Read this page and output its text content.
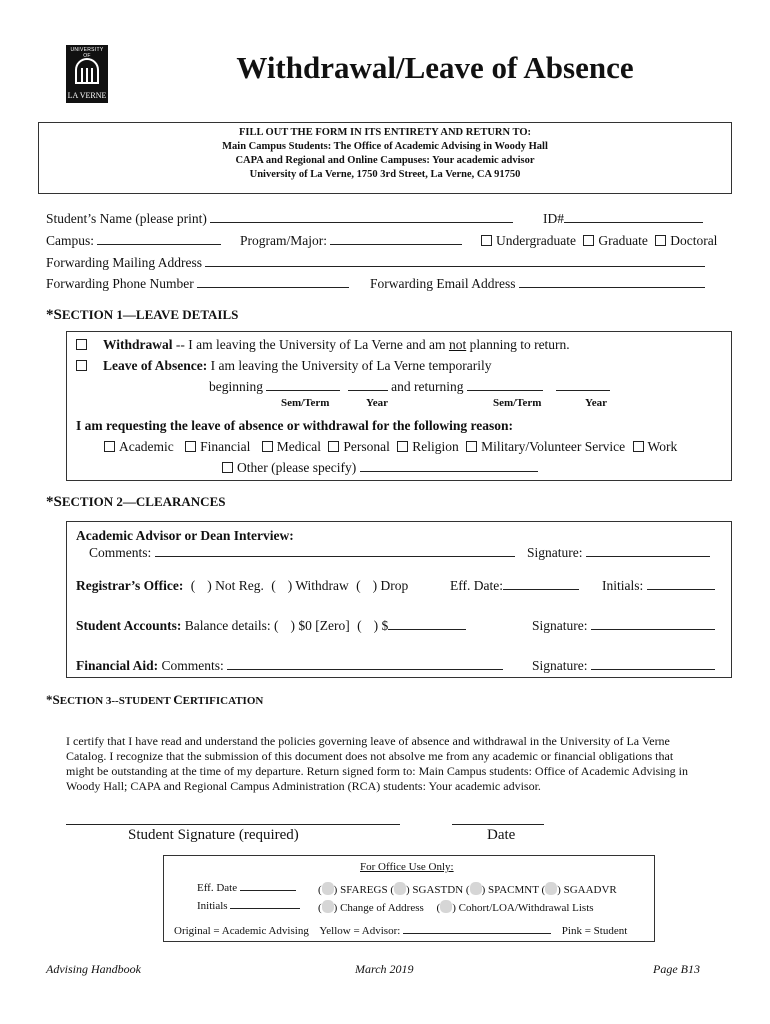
UNIVERSITY OF
LA VERNE
Withdrawal/Leave of Absence
FILL OUT THE FORM IN ITS ENTIRETY AND RETURN TO:
Main Campus Students: The Office of Academic Advising in Woody Hall
CAPA and Regional and Online Campuses: Your academic advisor
University of La Verne, 1750 3rd Street, La Verne, CA 91750
Student’s Name (please print)	ID#
Campus:	Program/Major:	Undergraduate Graduate Doctoral
Forwarding Mailing Address
Forwarding Phone Number	Forwarding Email Address
*SECTION 1—LEAVE DETAILS
Withdrawal -- I am leaving the University of La Verne and am not planning to return.
Leave of Absence: I am leaving the University of La Verne temporarily
beginning	and returning
Sem/Term	Year	Sem/Term	Year
I am requesting the leave of absence or withdrawal for the following reason:
Academic Financial Medical Personal Religion Military/Volunteer Service Work
Other (please specify)
*SECTION 2—CLEARANCES
Academic Advisor or Dean Interview:
Comments:	Signature:
Registrar’s Office: ( ) Not Reg. ( ) Withdraw ( ) Drop	Eff. Date:	Initials:
Student Accounts: Balance details: ( ) $0 [Zero] ( ) $	Signature:
Financial Aid: Comments:	Signature:
*SECTION 3--STUDENT CERTIFICATION
I certify that I have read and understand the policies governing leave of absence and withdrawal in the University of La Verne
Catalog. I recognize that the submission of this document does not absolve me from any academic or financial obligations that
might be outstanding at the time of my departure. Return signed form to: Main Campus students: Office of Academic Advising in
Woody Hall; CAPA and Regional Campus Administration (RCA) students: Your academic advisor.
Student Signature (required)	Date
For Office Use Only:
Eff. Date
Initials
( ) SFAREGS ( ) SGASTDN ( ) SPACMNT ( ) SGAADVR
( ) Change of Address ( ) Cohort/LOA/Withdrawal Lists
Original = Academic Advising    Yellow = Advisor:	Pink = Student
Advising Handbook	March 2019	Page B13
